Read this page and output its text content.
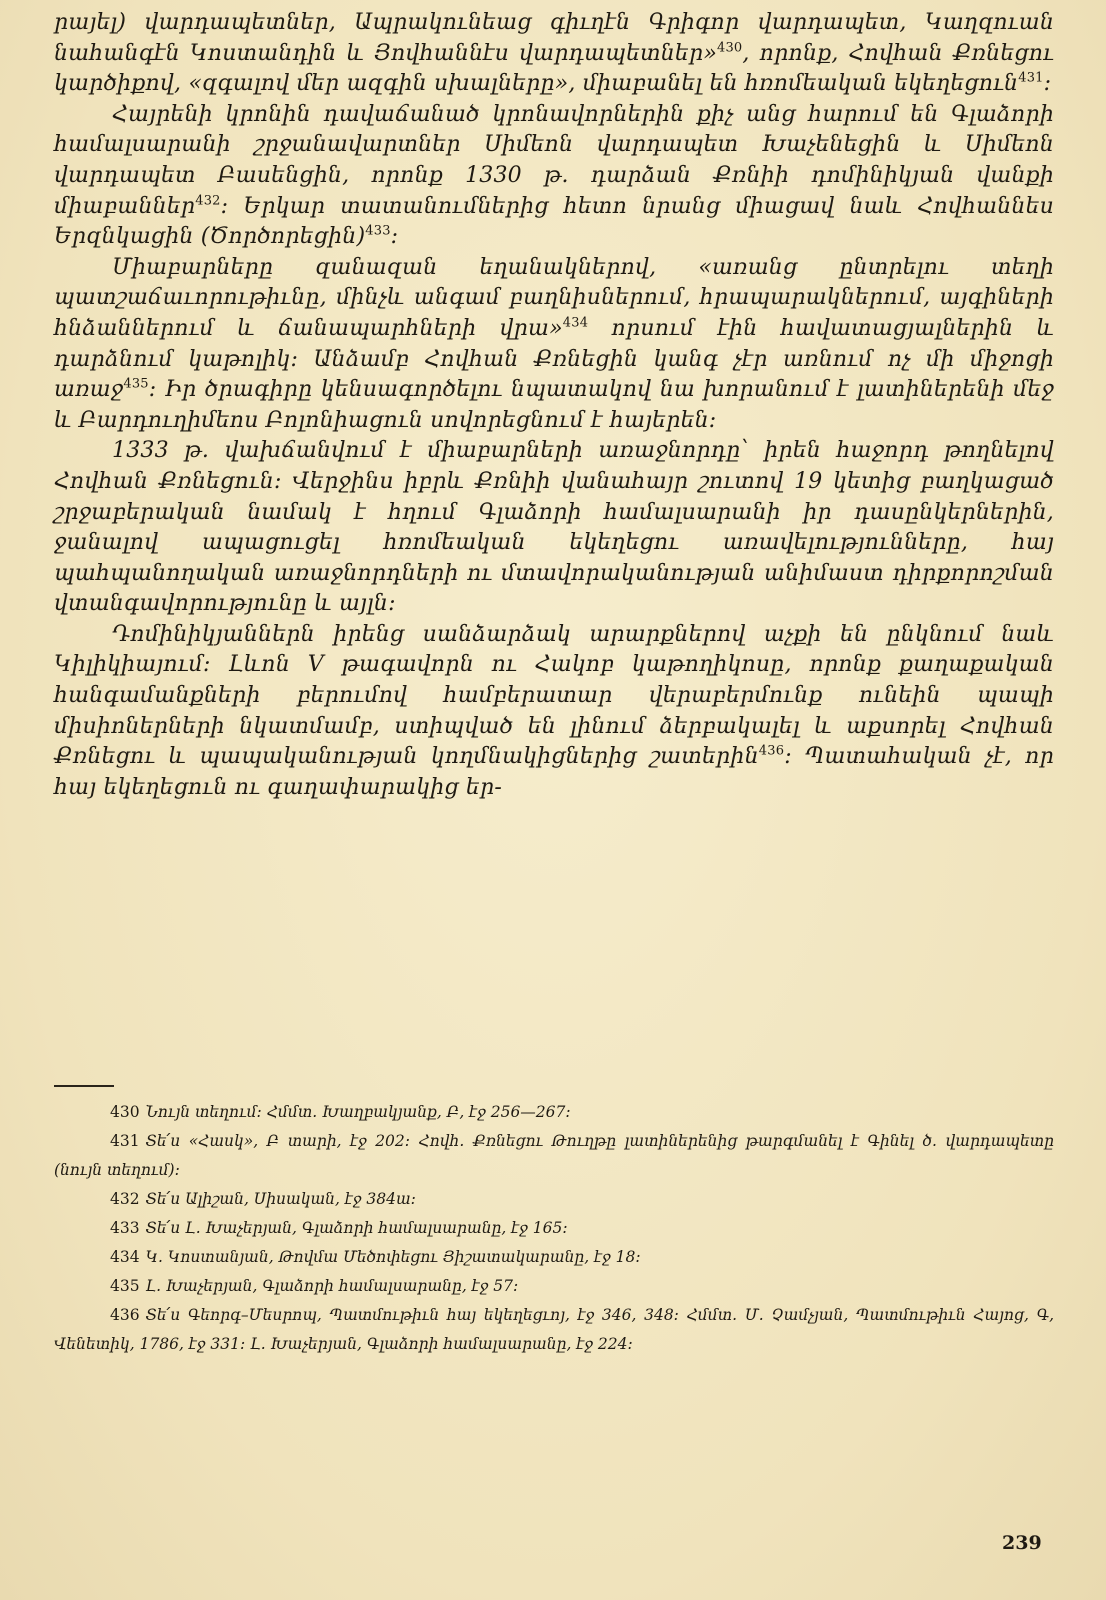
րայել) վարդապետներ, Ապրակունեաց գիւղէն Գրիգոր վարդապետ, Կաղզուան նահանգէն Կոստանդին և Յովհաննէս վարդապետներ»$^{430}$, որոնք, Հովհան Քռնեցու կարծիքով, «զգալով մեր ազգին սխալները», միաբանել են հռոմեական եկեղեցուն$^{431}$։

Հայրենի կրոնին դավաճանած կրոնավորներին քիչ անց հարում են Գլաձորի համալսարանի շրջանավարտներ Սիմեոն վարդապետ Խաչենեցին և Սիմեոն վարդապետ Բասենցին, որոնք 1330 թ. դարձան Քռնիի դոմինիկյան վանքի միաբաններ$^{432}$։ Երկար տատանումներից հետո նրանց միացավ նաև Հովհաննես Երզնկացին (Ծործորեցին)$^{433}$։

Միաբարները զանազան եղանակներով, «առանց ընտրելու տեղի պատշաճաւորութիւնը, մինչև անգամ բաղնիսներում, հրապարակներում, այգիների հնձաններում և ճանապարհների վրա»$^{434}$ որսում էին հավատացյալներին և դարձնում կաթոլիկ։ Անձամբ Հովհան Քռնեցին կանգ չէր առնում ոչ մի միջոցի առաջ$^{435}$։ Իր ծրագիրը կենսագործելու նպատակով նա խորանում է լատիներենի մեջ և Բարդուղիմեոս Բոլոնիացուն սովորեցնում է հայերեն։

1333 թ. վախճանվում է միաբարների առաջնորդը՝ իրեն հաջորդ թողնելով Հովհան Քռնեցուն։ Վերջինս իբրև Քռնիի վանահայր շուտով 19 կետից բաղկացած շրջաբերական նամակ է հղում Գլաձորի համալսարանի իր դասընկերներին, ջանալով ապացուցել հռոմեական եկեղեցու առավելությունները, հայ պահպանողական առաջնորդների ու մտավորականության անիմաստ դիրքորոշման վտանգավորությունը և այլն։

Դոմինիկյաններն իրենց սանձարձակ արարքներով աչքի են ընկնում նաև Կիլիկիայում։ Լևոն V թագավորն ու Հակոբ կաթողիկոսը, որոնք քաղաքական հանգամանքների բերումով համբերատար վերաբերմունք ունեին պապի միսիոներների նկատմամբ, ստիպված են լինում ձերբակալել և աքսորել Հովհան Քռնեցու և պապականության կողմնակիցներից շատերին$^{436}$։ Պատահական չէ, որ հայ եկեղեցուն ու գաղափարակից եր-

430 Նույն տեղում։ Հմմտ. Խաղբակյանք, Բ, էջ 256—267։

431 Տե՛ս «Հասկ», Բ տարի, էջ 202։ Հովհ. Քռնեցու Թուղթը լատիներենից թարգմանել է Գինել ծ. վարդապետը (նույն տեղում)։

432 Տե՛ս Ալիշան, Սիսական, էջ 384ա։

433 Տե՛ս Լ. Խաչերյան, Գլաձորի համալսարանը, էջ 165։

434 Կ. Կոստանյան, Թովմա Մեծոփեցու Յիշատակարանը, էջ 18։

435 Լ. Խաչերյան, Գլաձորի համալսարանը, էջ 57։

436 Տե՛ս Գեորգ–Մեսրոպ, Պատմութիւն հայ եկեղեցւոյ, էջ 346, 348։ Հմմտ. Մ. Չամչյան, Պատմութիւն Հայոց, Գ, Վենետիկ, 1786, էջ 331։ Լ. Խաչերյան, Գլաձորի համալսարանը, էջ 224։

239
